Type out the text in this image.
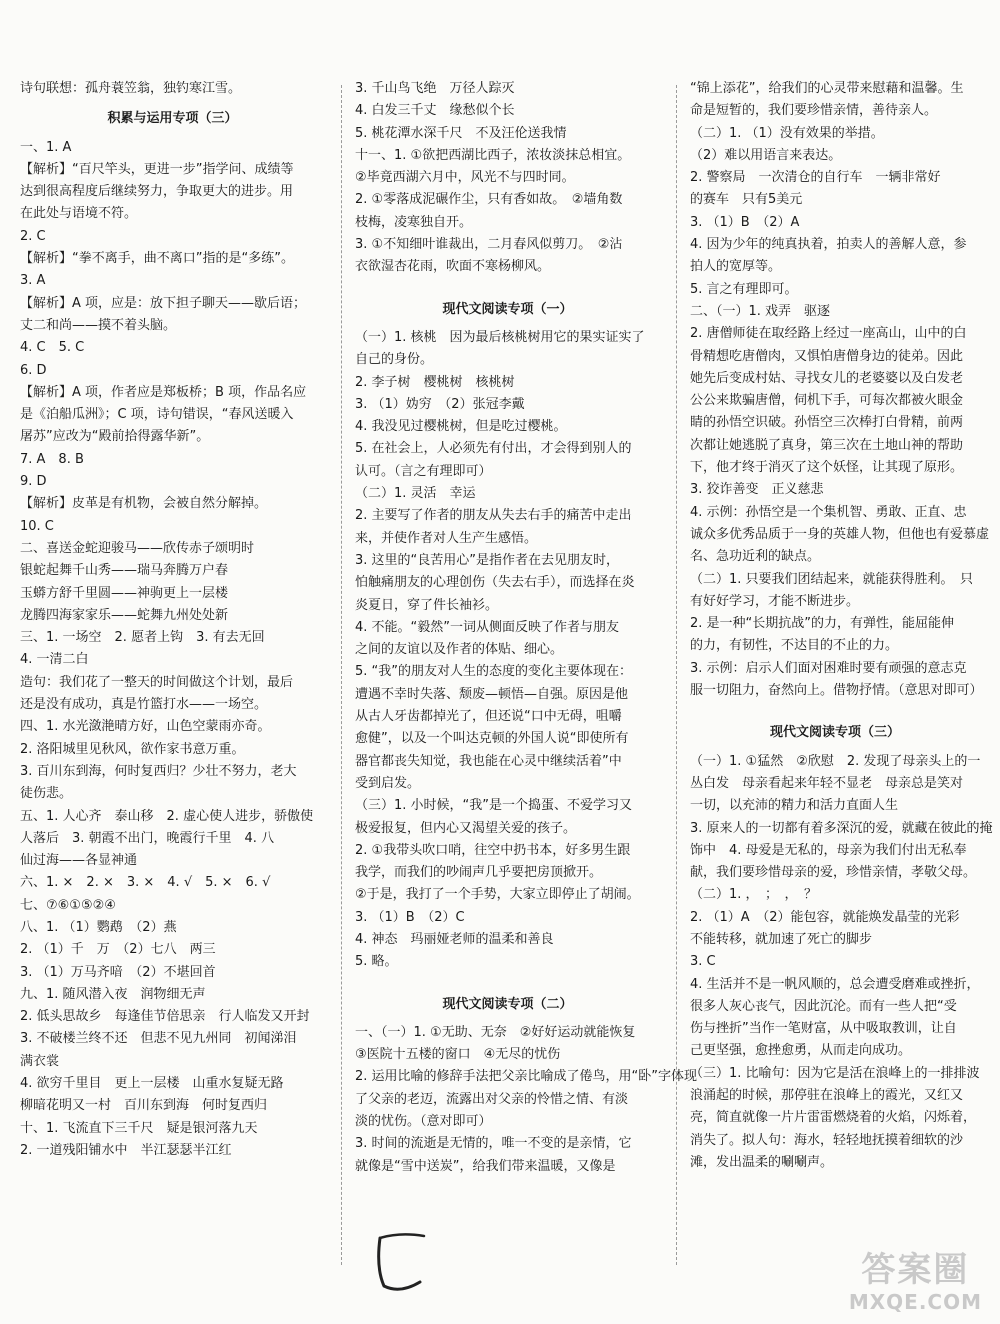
诗句联想：孤舟蓑笠翁，独钓寒江雪。
积累与运用专项（三）
一、1. A
【解析】“百尺竿头，更进一步”指学问、成绩等
达到很高程度后继续努力，争取更大的进步。用
在此处与语境不符。
2. C
【解析】“拳不离手，曲不离口”指的是“多练”。
3. A
【解析】A 项，应是：放下担子聊天——歇后语；
丈二和尚——摸不着头脑。
4. C　5. C
6. D
【解析】A 项，作者应是郑板桥；B 项，作品名应
是《泊船瓜洲》；C 项，诗句错误，“春风送暖入
屠苏”应改为“殿前拾得露华新”。
7. A　8. B
9. D
【解析】皮革是有机物，会被自然分解掉。
10. C
二、喜送金蛇迎骏马——欣传赤子颂明时
银蛇起舞千山秀——瑞马奔腾万户春
玉蟒方舒千里圆——神驹更上一层楼
龙腾四海家家乐——蛇舞九州处处新
三、1. 一场空　2. 愿者上钩　3. 有去无回
4. 一清二白
造句：我们花了一整天的时间做这个计划，最后
还是没有成功，真是竹篮打水——一场空。
四、1. 水光潋滟晴方好，山色空蒙雨亦奇。
2. 洛阳城里见秋风，欲作家书意万重。
3. 百川东到海，何时复西归？少壮不努力，老大
徒伤悲。
五、1. 人心齐　泰山移　2. 虚心使人进步，骄傲使
人落后　3. 朝霞不出门，晚霞行千里　4. 八
仙过海——各显神通
六、1. ×　2. ×　3. ×　4. √　5. ×　6. √
七、⑦⑥①⑤②④
八、1. （1）鹦鹉　（2）燕
2. （1）千　万　（2）七八　两三
3. （1）万马齐喑　（2）不堪回首
九、1. 随风潜入夜　润物细无声
2. 低头思故乡　每逢佳节倍思亲　行人临发又开封
3. 不破楼兰终不还　但悲不见九州同　初闻涕泪
满衣裳
4. 欲穷千里目　更上一层楼　山重水复疑无路
柳暗花明又一村　百川东到海　何时复西归
十、1. 飞流直下三千尺　疑是银河落九天
2. 一道残阳铺水中　半江瑟瑟半江红
3. 千山鸟飞绝　万径人踪灭
4. 白发三千丈　缘愁似个长
5. 桃花潭水深千尺　不及汪伦送我情
十一、1. ①欲把西湖比西子，浓妆淡抹总相宜。
②毕竟西湖六月中，风光不与四时同。
2. ①零落成泥碾作尘，只有香如故。　②墙角数
枝梅，凌寒独自开。
3. ①不知细叶谁裁出，二月春风似剪刀。　②沾
衣欲湿杏花雨，吹面不寒杨柳风。
现代文阅读专项（一）
（一）1. 核桃　因为最后核桃树用它的果实证实了
自己的身份。
2. 李子树　樱桃树　核桃树
3. （1）妫穷　（2）张冠李戴
4. 我没见过樱桃树，但是吃过樱桃。
5. 在社会上，人必须先有付出，才会得到别人的
认可。（言之有理即可）
（二）1. 灵活　幸运
2. 主要写了作者的朋友从失去右手的痛苦中走出
来，并使作者对人生产生感悟。
3. 这里的“良苦用心”是指作者在去见朋友时，
怕触痛朋友的心理创伤（失去右手），而选择在炎
炎夏日，穿了件长袖衫。
4. 不能。“毅然”一词从侧面反映了作者与朋友
之间的友谊以及作者的体贴、细心。
5. “我”的朋友对人生的态度的变化主要体现在：
遭遇不幸时失落、颓废—顿悟—自强。原因是他
从古人牙齿都掉光了，但还说“口中无碍，咀嚼
愈健”，以及一个叫达克顿的外国人说“即使所有
器官都丧失知觉，我也能在心灵中继续活着”中
受到启发。
（三）1. 小时候，“我”是一个捣蛋、不爱学习又
极爱报复，但内心又渴望关爱的孩子。
2. ①我带头吹口哨，往空中扔书本，好多男生跟
我学，而我们的吵闹声几乎要把房顶掀开。
②于是，我打了一个手势，大家立即停止了胡闹。
3. （1）B　（2）C
4. 神态　玛丽娅老师的温柔和善良
5. 略。
现代文阅读专项（二）
一、（一）1. ①无助、无奈　②好好运动就能恢复
③医院十五楼的窗口　④无尽的忧伤
2. 运用比喻的修辞手法把父亲比喻成了倦鸟，用“卧”字体现
了父亲的老迈，流露出对父亲的怜惜之情、有淡
淡的忧伤。（意对即可）
3. 时间的流逝是无情的，唯一不变的是亲情，它
就像是“雪中送炭”，给我们带来温暖，又像是
“锦上添花”，给我们的心灵带来慰藉和温馨。生
命是短暂的，我们要珍惜亲情，善待亲人。
（二）1. （1）没有效果的举措。
（2）难以用语言来表达。
2. 警察局　一次清仓的自行车　一辆非常好
的赛车　只有5美元
3. （1）B　（2）A
4. 因为少年的纯真执着，拍卖人的善解人意，参
拍人的宽厚等。
5. 言之有理即可。
二、（一）1. 戏弄　驱逐
2. 唐僧师徒在取经路上经过一座高山，山中的白
骨精想吃唐僧肉，又惧怕唐僧身边的徒弟。因此
她先后变成村姑、寻找女儿的老婆婆以及白发老
公公来欺骗唐僧，伺机下手，可每次都被火眼金
睛的孙悟空识破。孙悟空三次棒打白骨精，前两
次都让她逃脱了真身，第三次在土地山神的帮助
下，他才终于消灭了这个妖怪，让其现了原形。
3. 狡诈善变　正义慈悲
4. 示例：孙悟空是一个集机智、勇敢、正直、忠
诚众多优秀品质于一身的英雄人物，但他也有爱慕虚
名、急功近利的缺点。
（二）1. 只要我们团结起来，就能获得胜利。　只
有好好学习，才能不断进步。
2. 是一种“长期抗战”的力，有弹性，能屈能伸
的力，有韧性，不达目的不止的力。
3. 示例：启示人们面对困难时要有顽强的意志克
服一切阻力，奋然向上。借物抒情。（意思对即可）
现代文阅读专项（三）
（一）1. ①猛然　②欣慰　2. 发现了母亲头上的一
丛白发　母亲看起来年轻不显老　母亲总是笑对
一切，以充沛的精力和活力直面人生
3. 原来人的一切都有着多深沉的爱，就藏在彼此的掩
饰中　4. 母爱是无私的，母亲为我们付出无私奉
献，我们要珍惜母亲的爱，珍惜亲情，孝敬父母。
（二）1. ，　；　，　？
2. （1）A　（2）能包容，就能焕发晶莹的光彩
不能转移，就加速了死亡的脚步
3. C
4. 生活并不是一帆风顺的，总会遭受磨难或挫折，
很多人灰心丧气，因此沉沦。而有一些人把“受
伤与挫折”当作一笔财富，从中吸取教训，让自
己更坚强，愈挫愈勇，从而走向成功。
（三）1. 比喻句：因为它是活在浪峰上的一排排波
浪涌起的时候，那停驻在浪峰上的霞光，又红又
亮，简直就像一片片雷雷燃烧着的火焰，闪烁着，
消失了。拟人句：海水，轻轻地抚摸着细软的沙
滩，发出温柔的唰唰声。
答案圈
MXQE.COM
